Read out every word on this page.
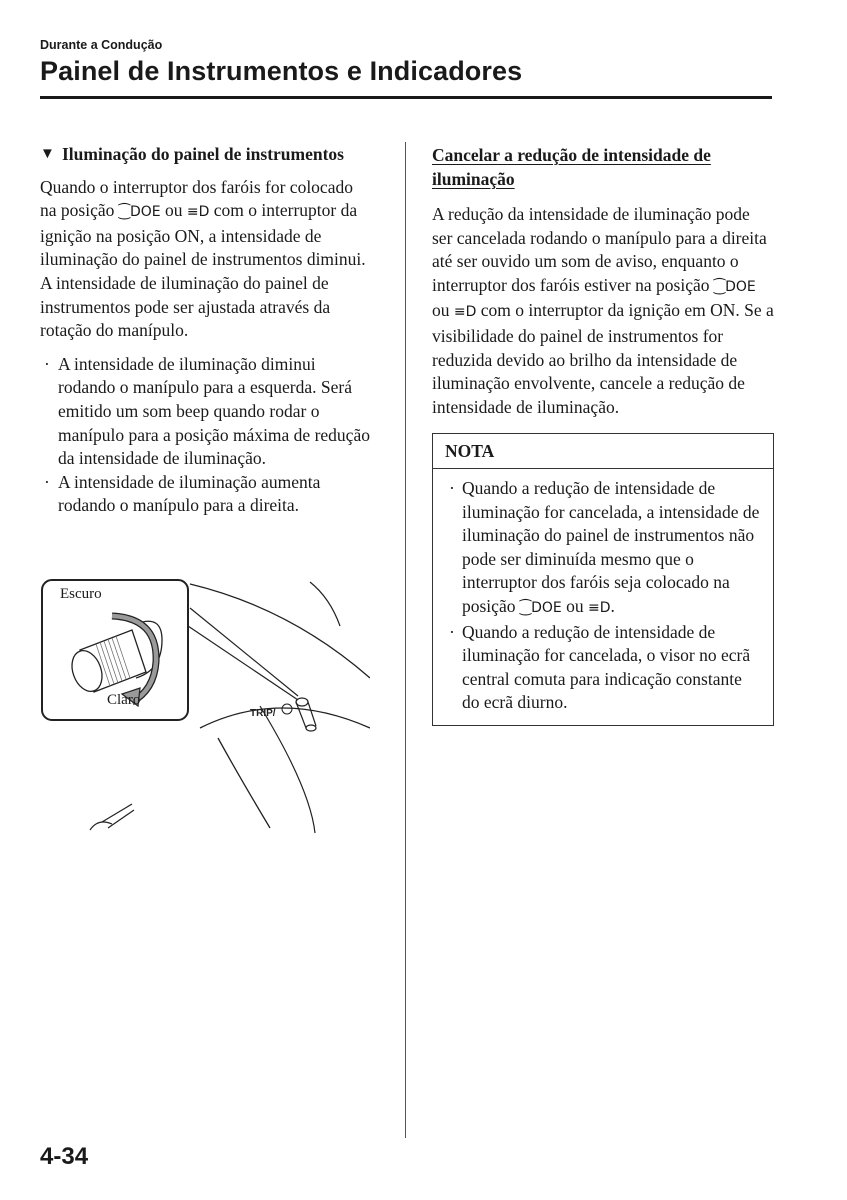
Durante a Condução
Painel de Instrumentos e Indicadores
▼ Iluminação do painel de instrumentos

Quando o interruptor dos faróis for colocado na posição ⁐DOE ou ≡D com o interruptor da ignição na posição ON, a intensidade de iluminação do painel de instrumentos diminui.

A intensidade de iluminação do painel de instrumentos pode ser ajustada através da rotação do manípulo.

· A intensidade de iluminação diminui rodando o manípulo para a esquerda. Será emitido um som beep quando rodar o manípulo para a posição máxima de redução da intensidade de iluminação.
· A intensidade de iluminação aumenta rodando o manípulo para a direita.
TRIP/
Escuro
Claro
Cancelar a redução de intensidade de iluminação

A redução da intensidade de iluminação pode ser cancelada rodando o manípulo para a direita até ser ouvido um som de aviso, enquanto o interruptor dos faróis estiver na posição ⁐DOE ou ≡D com o interruptor da ignição em ON. Se a visibilidade do painel de instrumentos for reduzida devido ao brilho da intensidade de iluminação envolvente, cancele a redução de intensidade de iluminação.

NOTA
· Quando a redução de intensidade de iluminação for cancelada, a intensidade de iluminação do painel de instrumentos não pode ser diminuída mesmo que o interruptor dos faróis seja colocado na posição ⁐DOE ou ≡D.
· Quando a redução de intensidade de iluminação for cancelada, o visor no ecrã central comuta para indicação constante do ecrã diurno.
4-34
